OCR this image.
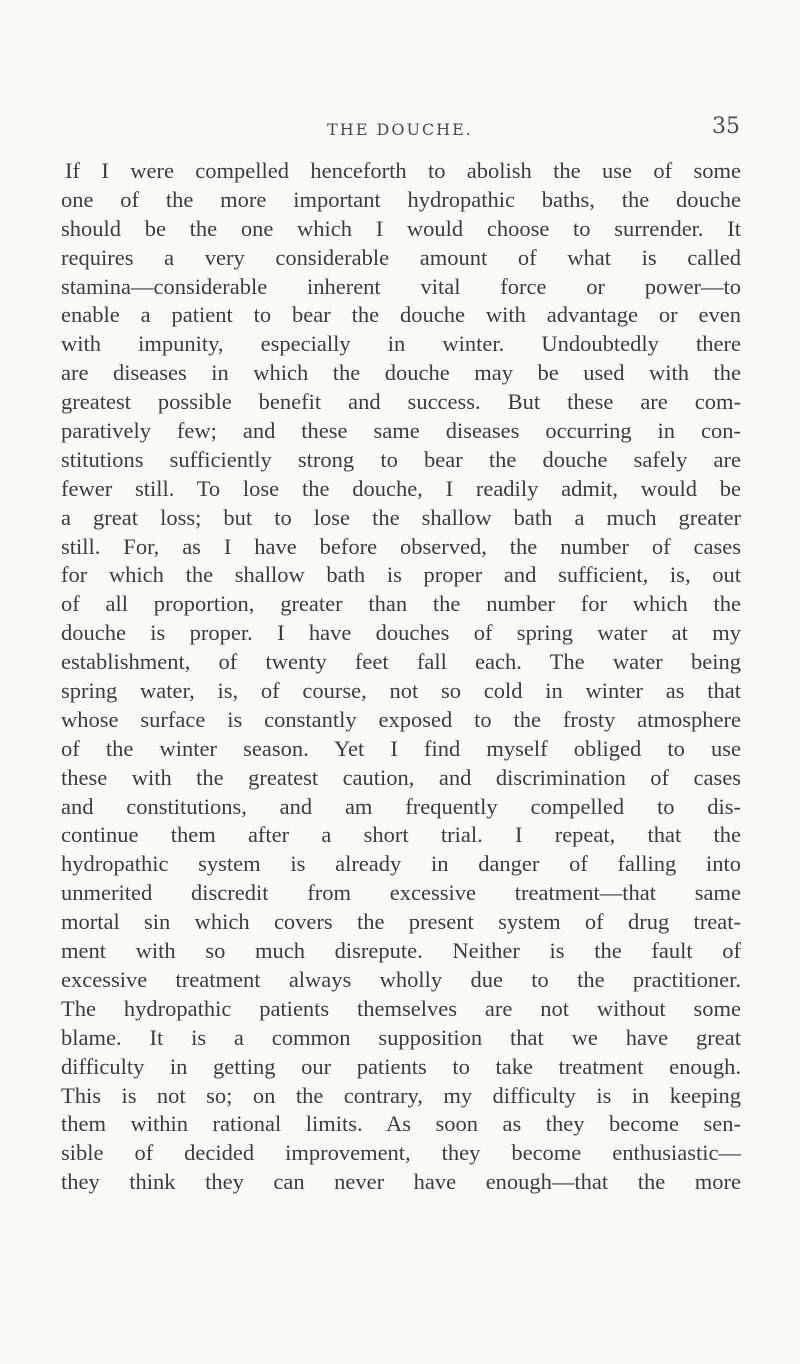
THE DOUCHE.	35
If I were compelled henceforth to abolish the use of some
one of the more important hydropathic baths, the douche
should be the one which I would choose to surrender. It
requires a very considerable amount of what is called
stamina—considerable inherent vital force or power—to
enable a patient to bear the douche with advantage or even
with impunity, especially in winter. Undoubtedly there
are diseases in which the douche may be used with the
greatest possible benefit and success. But these are com-
paratively few; and these same diseases occurring in con-
stitutions sufficiently strong to bear the douche safely are
fewer still. To lose the douche, I readily admit, would be
a great loss; but to lose the shallow bath a much greater
still. For, as I have before observed, the number of cases
for which the shallow bath is proper and sufficient, is, out
of all proportion, greater than the number for which the
douche is proper. I have douches of spring water at my
establishment, of twenty feet fall each. The water being
spring water, is, of course, not so cold in winter as that
whose surface is constantly exposed to the frosty atmosphere
of the winter season. Yet I find myself obliged to use
these with the greatest caution, and discrimination of cases
and constitutions, and am frequently compelled to dis-
continue them after a short trial. I repeat, that the
hydropathic system is already in danger of falling into
unmerited discredit from excessive treatment—that same
mortal sin which covers the present system of drug treat-
ment with so much disrepute. Neither is the fault of
excessive treatment always wholly due to the practitioner.
The hydropathic patients themselves are not without some
blame. It is a common supposition that we have great
difficulty in getting our patients to take treatment enough.
This is not so; on the contrary, my difficulty is in keeping
them within rational limits. As soon as they become sen-
sible of decided improvement, they become enthusiastic—
they think they can never have enough—that the more
